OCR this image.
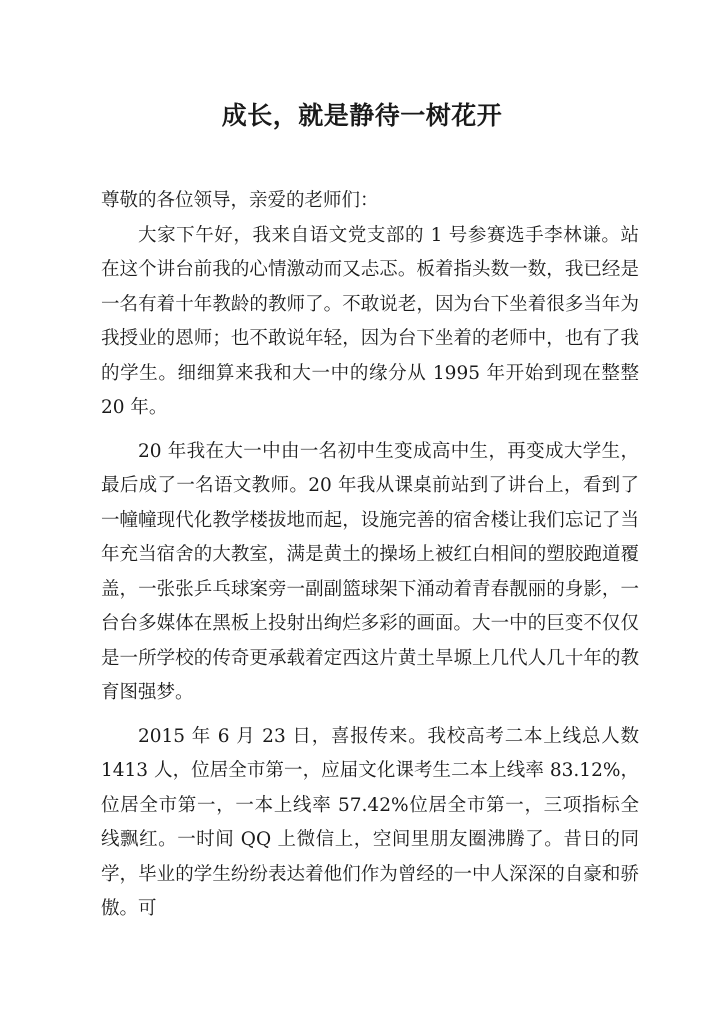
成长，就是静待一树花开

尊敬的各位领导，亲爱的老师们：

大家下午好，我来自语文党支部的 1 号参赛选手李林谦。站在这个讲台前我的心情激动而又忐忑。板着指头数一数，我已经是一名有着十年教龄的教师了。不敢说老，因为台下坐着很多当年为我授业的恩师；也不敢说年轻，因为台下坐着的老师中，也有了我的学生。细细算来我和大一中的缘分从 1995 年开始到现在整整 20 年。

20 年我在大一中由一名初中生变成高中生，再变成大学生，最后成了一名语文教师。20 年我从课桌前站到了讲台上，看到了一幢幢现代化教学楼拔地而起，设施完善的宿舍楼让我们忘记了当年充当宿舍的大教室，满是黄土的操场上被红白相间的塑胶跑道覆盖，一张张乒乓球案旁一副副篮球架下涌动着青春靓丽的身影，一台台多媒体在黑板上投射出绚烂多彩的画面。大一中的巨变不仅仅是一所学校的传奇更承载着定西这片黄土旱塬上几代人几十年的教育图强梦。

2015 年 6 月 23 日，喜报传来。我校高考二本上线总人数 1413 人，位居全市第一，应届文化课考生二本上线率 83.12%，位居全市第一，一本上线率 57.42%位居全市第一，三项指标全线飘红。一时间 QQ 上微信上，空间里朋友圈沸腾了。昔日的同学，毕业的学生纷纷表达着他们作为曾经的一中人深深的自豪和骄傲。可
